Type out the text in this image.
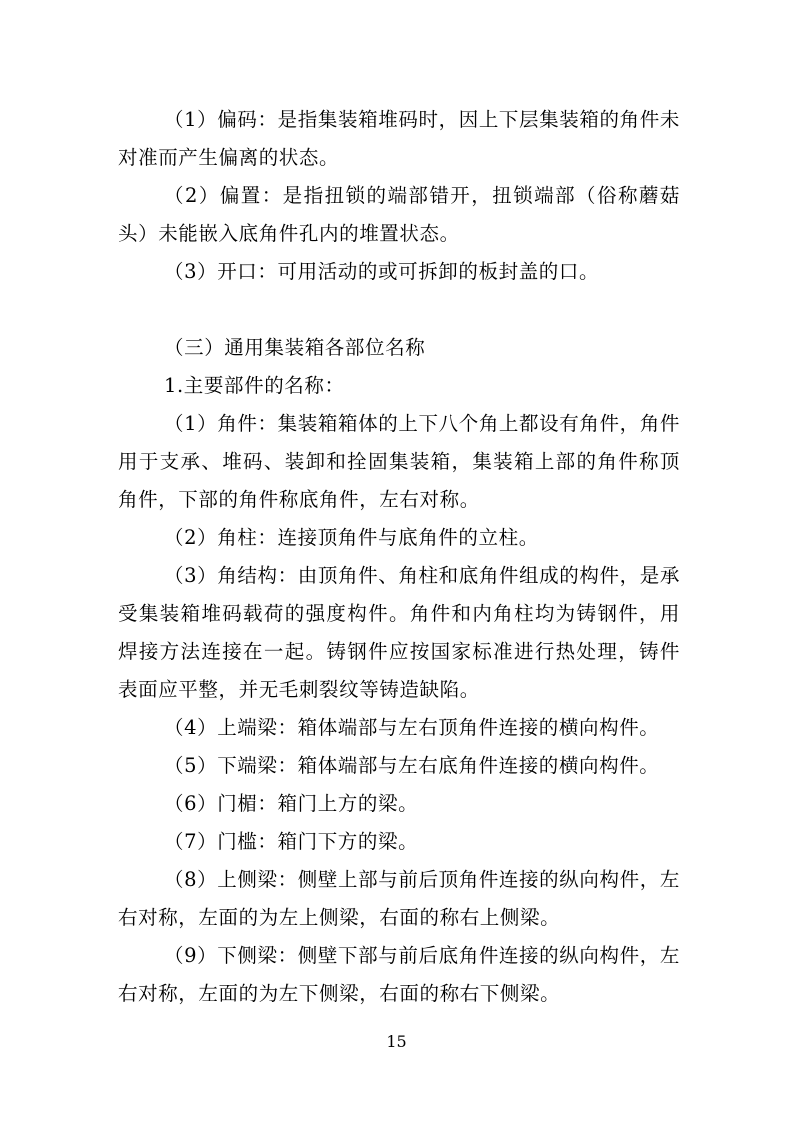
（1）偏码：是指集装箱堆码时，因上下层集装箱的角件未对准而产生偏离的状态。

（2）偏置：是指扭锁的端部错开，扭锁端部（俗称蘑菇头）未能嵌入底角件孔内的堆置状态。

（3）开口：可用活动的或可拆卸的板封盖的口。

（三）通用集装箱各部位名称

1.主要部件的名称：

（1）角件：集装箱箱体的上下八个角上都设有角件，角件用于支承、堆码、装卸和拴固集装箱，集装箱上部的角件称顶角件，下部的角件称底角件，左右对称。

（2）角柱：连接顶角件与底角件的立柱。

（3）角结构：由顶角件、角柱和底角件组成的构件，是承受集装箱堆码载荷的强度构件。角件和内角柱均为铸钢件，用焊接方法连接在一起。铸钢件应按国家标准进行热处理，铸件表面应平整，并无毛刺裂纹等铸造缺陷。

（4）上端梁：箱体端部与左右顶角件连接的横向构件。

（5）下端梁：箱体端部与左右底角件连接的横向构件。

（6）门楣：箱门上方的梁。

（7）门槛：箱门下方的梁。

（8）上侧梁：侧壁上部与前后顶角件连接的纵向构件，左右对称，左面的为左上侧梁，右面的称右上侧梁。

（9）下侧梁：侧壁下部与前后底角件连接的纵向构件，左右对称，左面的为左下侧梁，右面的称右下侧梁。

15
